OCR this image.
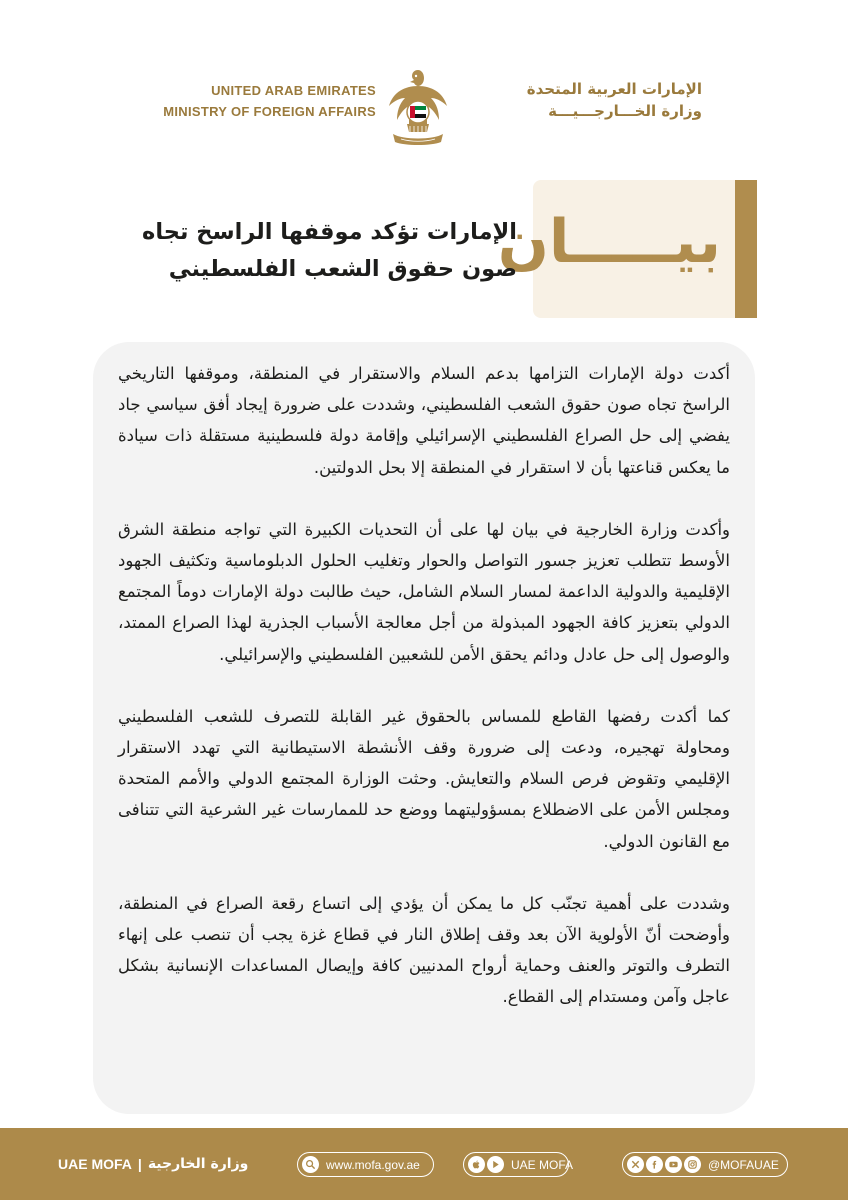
UNITED ARAB EMIRATES
MINISTRY OF FOREIGN AFFAIRS
الإمارات العربية المتحدة
وزارة الخـــارجـــيـــة
بيـــــان
الإمارات تؤكد موقفها الراسخ تجاه
صون حقوق الشعب الفلسطيني

أكدت دولة الإمارات التزامها بدعم السلام والاستقرار في المنطقة، وموقفها التاريخي الراسخ تجاه صون حقوق الشعب الفلسطيني، وشددت على ضرورة إيجاد أفق سياسي جاد يفضي إلى حل الصراع الفلسطيني الإسرائيلي وإقامة دولة فلسطينية مستقلة ذات سيادة ما يعكس قناعتها بأن لا استقرار في المنطقة إلا بحل الدولتين.

وأكدت وزارة الخارجية في بيان لها على أن التحديات الكبيرة التي تواجه منطقة الشرق الأوسط تتطلب تعزيز جسور التواصل والحوار وتغليب الحلول الدبلوماسية وتكثيف الجهود الإقليمية والدولية الداعمة لمسار السلام الشامل، حيث طالبت دولة الإمارات دوماً المجتمع الدولي بتعزيز كافة الجهود المبذولة من أجل معالجة الأسباب الجذرية لهذا الصراع الممتد، والوصول إلى حل عادل ودائم يحقق الأمن للشعبين الفلسطيني والإسرائيلي.

كما أكدت رفضها القاطع للمساس بالحقوق غير القابلة للتصرف للشعب الفلسطيني ومحاولة تهجيره، ودعت إلى ضرورة وقف الأنشطة الاستيطانية التي تهدد الاستقرار الإقليمي وتقوض فرص السلام والتعايش. وحثت الوزارة المجتمع الدولي والأمم المتحدة ومجلس الأمن على الاضطلاع بمسؤوليتهما ووضع حد للممارسات غير الشرعية التي تتنافى مع القانون الدولي.

وشددت على أهمية تجنّب كل ما يمكن أن يؤدي إلى اتساع رقعة الصراع في المنطقة، وأوضحت أنّ الأولوية الآن بعد وقف إطلاق النار في قطاع غزة يجب أن تنصب على إنهاء التطرف والتوتر والعنف وحماية أرواح المدنيين كافة وإيصال المساعدات الإنسانية بشكل عاجل وآمن ومستدام إلى القطاع.

UAE MOFA | وزارة الخارجية	www.mofa.gov.ae	UAE MOFA	@MOFAUAE
